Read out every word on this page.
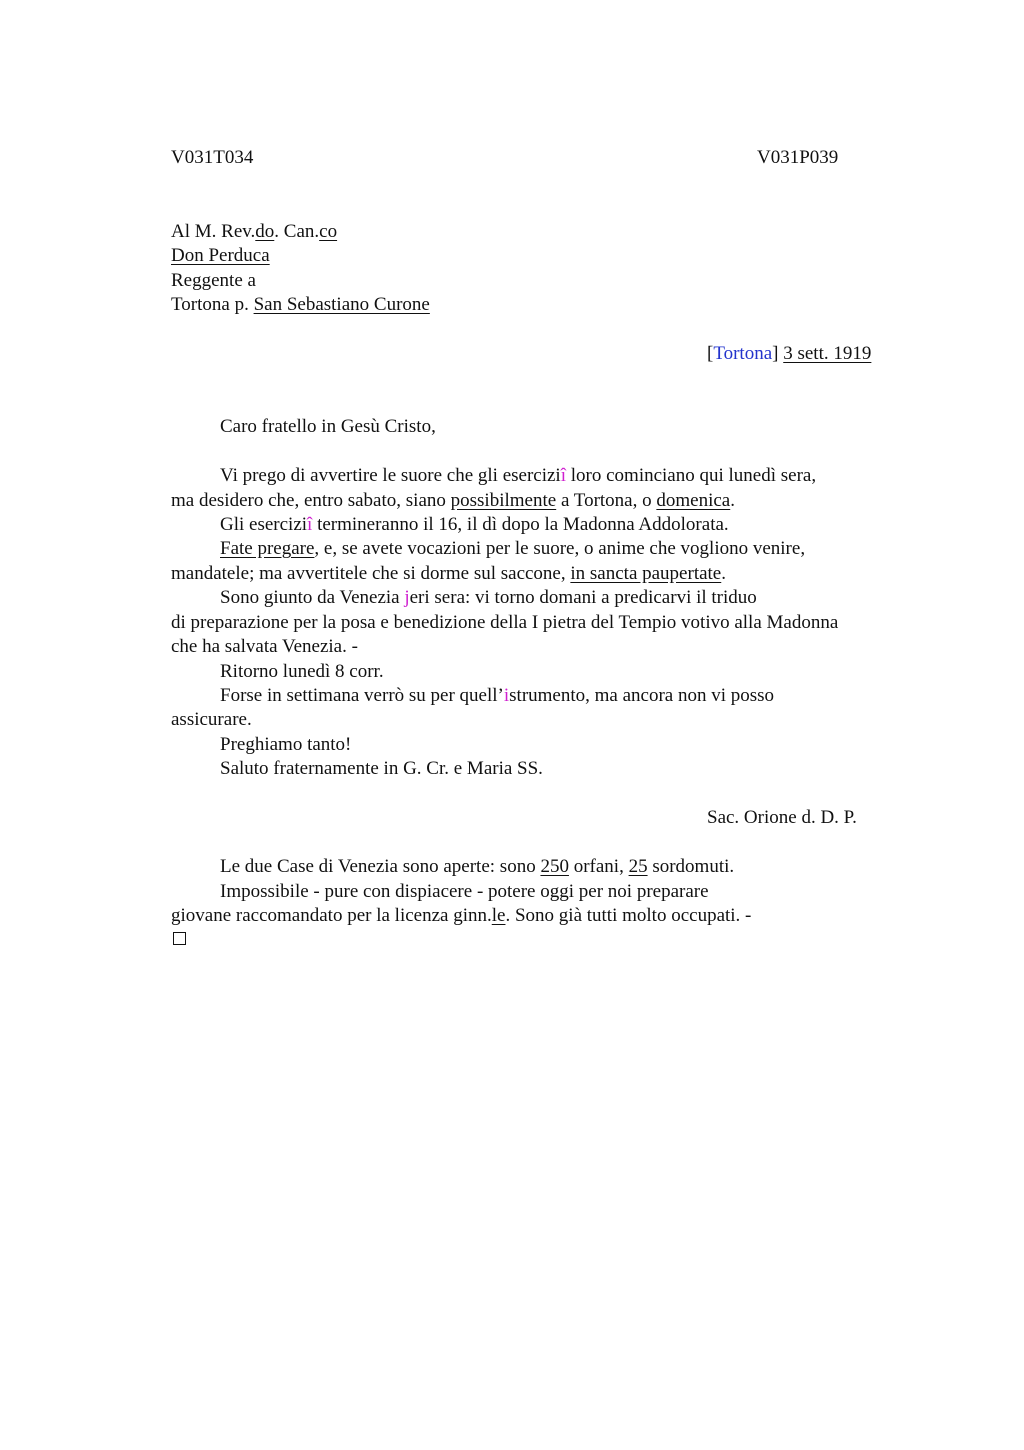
V031T034	V031P039
Al M. Rev.do. Can.co
Don Perduca
Reggente a
Tortona p. San Sebastiano Curone
[Tortona] 3 sett. 1919
Caro fratello in Gesù Cristo,
Vi prego di avvertire le suore che gli eserciziî loro cominciano qui lunedì sera,
ma desidero che, entro sabato, siano possibilmente a Tortona, o domenica.
Gli eserciziî termineranno il 16, il dì dopo la Madonna Addolorata.
Fate pregare, e, se avete vocazioni per le suore, o anime che vogliono venire,
mandatele; ma avvertitele che si dorme sul saccone, in sancta paupertate.
Sono giunto da Venezia jeri sera: vi torno domani a predicarvi il triduo
di preparazione per la posa e benedizione della I pietra del Tempio votivo alla Madonna
che ha salvata Venezia. -
Ritorno lunedì 8 corr.
Forse in settimana verrò su per quell’istrumento, ma ancora non vi posso
assicurare.
Preghiamo tanto!
Saluto fraternamente in G. Cr. e Maria SS.
Sac. Orione d. D. P.
Le due Case di Venezia sono aperte: sono 250 orfani, 25 sordomuti.
Impossibile - pure con dispiacere - potere oggi per noi preparare
giovane raccomandato per la licenza ginn.le. Sono già tutti molto occupati. -
